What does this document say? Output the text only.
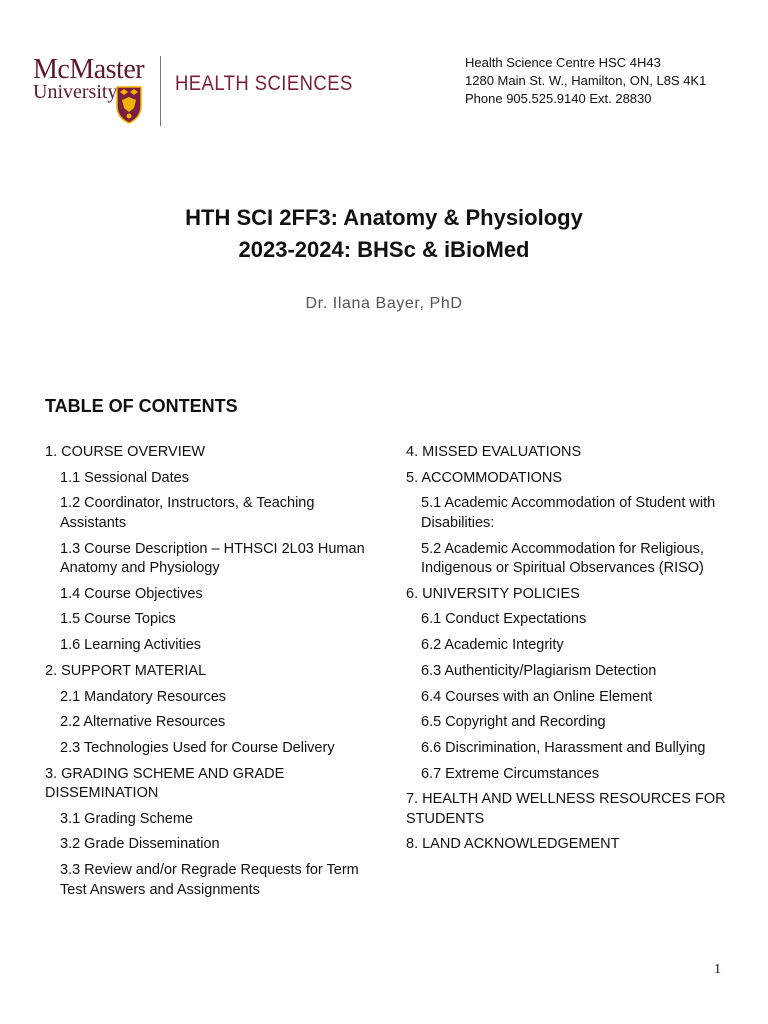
McMaster
University	HEALTH SCIENCES
Health Science Centre HSC 4H43
1280 Main St. W., Hamilton, ON, L8S 4K1
Phone 905.525.9140 Ext. 28830
HTH SCI 2FF3: Anatomy & Physiology
2023-2024: BHSc & iBioMed
Dr. Ilana Bayer, PhD
TABLE OF CONTENTS
1. COURSE OVERVIEW
1.1 Sessional Dates
1.2 Coordinator, Instructors, & Teaching Assistants
1.3 Course Description – HTHSCI 2L03 Human Anatomy and Physiology
1.4 Course Objectives
1.5 Course Topics
1.6 Learning Activities
2. SUPPORT MATERIAL
2.1 Mandatory Resources
2.2 Alternative Resources
2.3 Technologies Used for Course Delivery
3. GRADING SCHEME AND GRADE DISSEMINATION
3.1 Grading Scheme
3.2 Grade Dissemination
3.3 Review and/or Regrade Requests for Term Test Answers and Assignments
4. MISSED EVALUATIONS
5. ACCOMMODATIONS
5.1 Academic Accommodation of Student with Disabilities:
5.2 Academic Accommodation for Religious, Indigenous or Spiritual Observances (RISO)
6. UNIVERSITY POLICIES
6.1 Conduct Expectations
6.2 Academic Integrity
6.3 Authenticity/Plagiarism Detection
6.4 Courses with an Online Element
6.5 Copyright and Recording
6.6 Discrimination, Harassment and Bullying
6.7 Extreme Circumstances
7. HEALTH AND WELLNESS RESOURCES FOR STUDENTS
8. LAND ACKNOWLEDGEMENT
1
